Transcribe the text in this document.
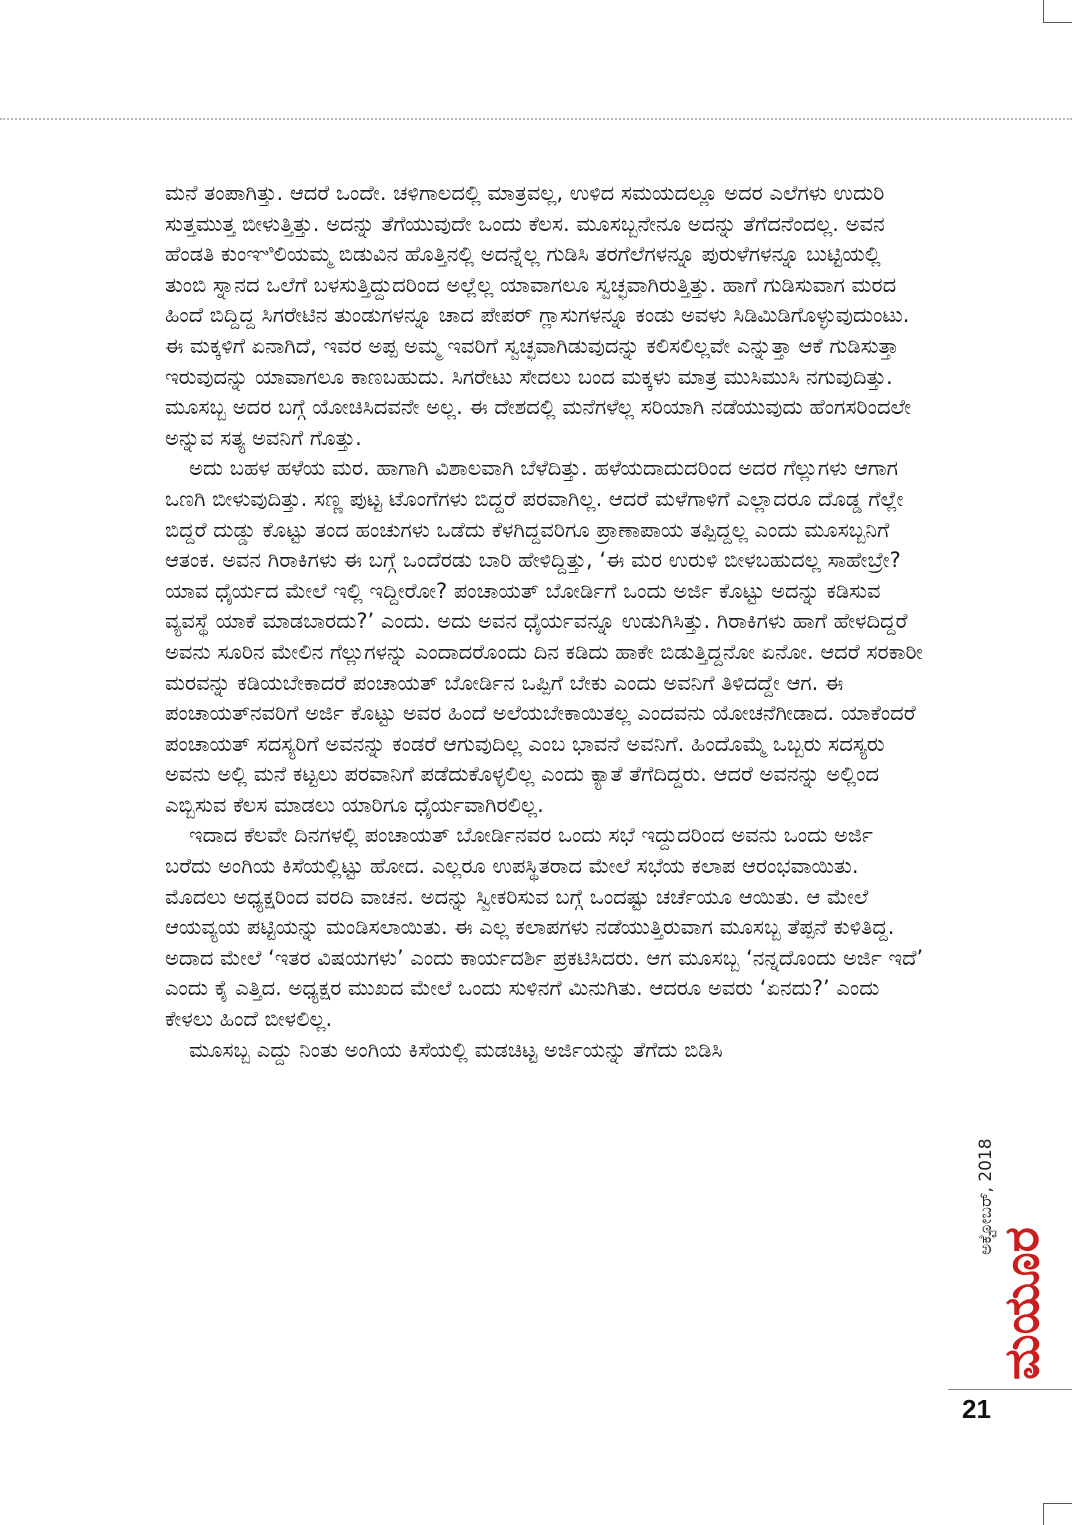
ಮನೆ ತಂಪಾಗಿತ್ತು. ಆದರೆ ಒಂದೇ. ಚಳಿಗಾಲದಲ್ಲಿ ಮಾತ್ರವಲ್ಲ, ಉಳಿದ ಸಮಯದಲ್ಲೂ ಅದರ ಎಲೆಗಳು ಉದುರಿ ಸುತ್ತಮುತ್ತ ಬೀಳುತ್ತಿತ್ತು. ಅದನ್ನು ತೆಗೆಯುವುದೇ ಒಂದು ಕೆಲಸ. ಮೂಸಬ್ಬನೇನೂ ಅದನ್ನು ತೆಗೆದನೆಂದಲ್ಲ. ಅವನ ಹೆಂಡತಿ ಕುಂಞಿಲಿಯಮ್ಮ ಬಿಡುವಿನ ಹೊತ್ತಿನಲ್ಲಿ ಅದನ್ನೆಲ್ಲ ಗುಡಿಸಿ ತರಗೆಲೆಗಳನ್ನೂ ಪುರುಳೆಗಳನ್ನೂ ಬುಟ್ಟಿಯಲ್ಲಿ ತುಂಬಿ ಸ್ನಾನದ ಒಲೆಗೆ ಬಳಸುತ್ತಿದ್ದುದರಿಂದ ಅಲ್ಲೆಲ್ಲ ಯಾವಾಗಲೂ ಸ್ವಚ್ಛವಾಗಿರುತ್ತಿತ್ತು. ಹಾಗೆ ಗುಡಿಸುವಾಗ ಮರದ ಹಿಂದೆ ಬಿದ್ದಿದ್ದ ಸಿಗರೇಟಿನ ತುಂಡುಗಳನ್ನೂ ಚಾದ ಪೇಪರ್ ಗ್ಲಾಸುಗಳನ್ನೂ ಕಂಡು ಅವಳು ಸಿಡಿಮಿಡಿಗೊಳ್ಳುವುದುಂಟು. ಈ ಮಕ್ಕಳಿಗೆ ಏನಾಗಿದೆ, ಇವರ ಅಪ್ಪ ಅಮ್ಮ ಇವರಿಗೆ ಸ್ವಚ್ಛವಾಗಿಡುವುದನ್ನು ಕಲಿಸಲಿಲ್ಲವೇ ಎನ್ನುತ್ತಾ ಆಕೆ ಗುಡಿಸುತ್ತಾ ಇರುವುದನ್ನು ಯಾವಾಗಲೂ ಕಾಣಬಹುದು. ಸಿಗರೇಟು ಸೇದಲು ಬಂದ ಮಕ್ಕಳು ಮಾತ್ರ ಮುಸಿಮುಸಿ ನಗುವುದಿತ್ತು. ಮೂಸಬ್ಬ ಅದರ ಬಗ್ಗೆ ಯೋಚಿಸಿದವನೇ ಅಲ್ಲ. ಈ ದೇಶದಲ್ಲಿ ಮನೆಗಳೆಲ್ಲ ಸರಿಯಾಗಿ ನಡೆಯುವುದು ಹೆಂಗಸರಿಂದಲೇ ಅನ್ನುವ ಸತ್ಯ ಅವನಿಗೆ ಗೊತ್ತು.

ಅದು ಬಹಳ ಹಳೆಯ ಮರ. ಹಾಗಾಗಿ ವಿಶಾಲವಾಗಿ ಬೆಳೆದಿತ್ತು. ಹಳೆಯದಾದುದರಿಂದ ಅದರ ಗೆಲ್ಲುಗಳು ಆಗಾಗ ಒಣಗಿ ಬೀಳುವುದಿತ್ತು. ಸಣ್ಣ ಪುಟ್ಟ ಟೊಂಗೆಗಳು ಬಿದ್ದರೆ ಪರವಾಗಿಲ್ಲ. ಆದರೆ ಮಳೆಗಾಳಿಗೆ ಎಲ್ಲಾದರೂ ದೊಡ್ಡ ಗೆಲ್ಲೇ ಬಿದ್ದರೆ ದುಡ್ಡು ಕೊಟ್ಟು ತಂದ ಹಂಚುಗಳು ಒಡೆದು ಕೆಳಗಿದ್ದವರಿಗೂ ಪ್ರಾಣಾಪಾಯ ತಪ್ಪಿದ್ದಲ್ಲ ಎಂದು ಮೂಸಬ್ಬನಿಗೆ ಆತಂಕ. ಅವನ ಗಿರಾಕಿಗಳು ಈ ಬಗ್ಗೆ ಒಂದೆರಡು ಬಾರಿ ಹೇಳಿದ್ದಿತ್ತು, ‘ಈ ಮರ ಉರುಳಿ ಬೀಳಬಹುದಲ್ಲ ಸಾಹೇಬ್ರೇ? ಯಾವ ಧೈರ್ಯದ ಮೇಲೆ ಇಲ್ಲಿ ಇದ್ದೀರೋ? ಪಂಚಾಯತ್ ಬೋರ್ಡಿಗೆ ಒಂದು ಅರ್ಜಿ ಕೊಟ್ಟು ಅದನ್ನು ಕಡಿಸುವ ವ್ಯವಸ್ಥೆ ಯಾಕೆ ಮಾಡಬಾರದು?’ ಎಂದು. ಅದು ಅವನ ಧೈರ್ಯವನ್ನೂ ಉಡುಗಿಸಿತ್ತು. ಗಿರಾಕಿಗಳು ಹಾಗೆ ಹೇಳದಿದ್ದರೆ ಅವನು ಸೂರಿನ ಮೇಲಿನ ಗೆಲ್ಲುಗಳನ್ನು ಎಂದಾದರೊಂದು ದಿನ ಕಡಿದು ಹಾಕೇ ಬಿಡುತ್ತಿದ್ದನೋ ಏನೋ. ಆದರೆ ಸರಕಾರೀ ಮರವನ್ನು ಕಡಿಯಬೇಕಾದರೆ ಪಂಚಾಯತ್ ಬೋರ್ಡಿನ ಒಪ್ಪಿಗೆ ಬೇಕು ಎಂದು ಅವನಿಗೆ ತಿಳಿದದ್ದೇ ಆಗ. ಈ ಪಂಚಾಯತ್‌ನವರಿಗೆ ಅರ್ಜಿ ಕೊಟ್ಟು ಅವರ ಹಿಂದೆ ಅಲೆಯಬೇಕಾಯಿತಲ್ಲ ಎಂದವನು ಯೋಚನೆಗೀಡಾದ. ಯಾಕೆಂದರೆ ಪಂಚಾಯತ್ ಸದಸ್ಯರಿಗೆ ಅವನನ್ನು ಕಂಡರೆ ಆಗುವುದಿಲ್ಲ ಎಂಬ ಭಾವನೆ ಅವನಿಗೆ. ಹಿಂದೊಮ್ಮೆ ಒಬ್ಬರು ಸದಸ್ಯರು ಅವನು ಅಲ್ಲಿ ಮನೆ ಕಟ್ಟಲು ಪರವಾನಿಗೆ ಪಡೆದುಕೊಳ್ಳಲಿಲ್ಲ ಎಂದು ಕ್ಯಾತೆ ತೆಗೆದಿದ್ದರು. ಆದರೆ ಅವನನ್ನು ಅಲ್ಲಿಂದ ಎಬ್ಬಿಸುವ ಕೆಲಸ ಮಾಡಲು ಯಾರಿಗೂ ಧೈರ್ಯವಾಗಿರಲಿಲ್ಲ.

ಇದಾದ ಕೆಲವೇ ದಿನಗಳಲ್ಲಿ ಪಂಚಾಯತ್ ಬೋರ್ಡಿನವರ ಒಂದು ಸಭೆ ಇದ್ದುದರಿಂದ ಅವನು ಒಂದು ಅರ್ಜಿ ಬರೆದು ಅಂಗಿಯ ಕಿಸೆಯಲ್ಲಿಟ್ಟು ಹೋದ. ಎಲ್ಲರೂ ಉಪಸ್ಥಿತರಾದ ಮೇಲೆ ಸಭೆಯ ಕಲಾಪ ಆರಂಭವಾಯಿತು. ಮೊದಲು ಅಧ್ಯಕ್ಷರಿಂದ ವರದಿ ವಾಚನ. ಅದನ್ನು ಸ್ವೀಕರಿಸುವ ಬಗ್ಗೆ ಒಂದಷ್ಟು ಚರ್ಚೆಯೂ ಆಯಿತು. ಆ ಮೇಲೆ ಆಯವ್ಯಯ ಪಟ್ಟಿಯನ್ನು ಮಂಡಿಸಲಾಯಿತು. ಈ ಎಲ್ಲ ಕಲಾಪಗಳು ನಡೆಯುತ್ತಿರುವಾಗ ಮೂಸಬ್ಬ ತೆಪ್ಪನೆ ಕುಳಿತಿದ್ದ. ಅದಾದ ಮೇಲೆ ‘ಇತರ ವಿಷಯಗಳು’ ಎಂದು ಕಾರ್ಯದರ್ಶಿ ಪ್ರಕಟಿಸಿದರು. ಆಗ ಮೂಸಬ್ಬ ‘ನನ್ನದೊಂದು ಅರ್ಜಿ ಇದೆ’ ಎಂದು ಕೈ ಎತ್ತಿದ. ಅಧ್ಯಕ್ಷರ ಮುಖದ ಮೇಲೆ ಒಂದು ಸುಳಿನಗೆ ಮಿನುಗಿತು. ಆದರೂ ಅವರು ‘ಏನದು?’ ಎಂದು ಕೇಳಲು ಹಿಂದೆ ಬೀಳಲಿಲ್ಲ.

ಮೂಸಬ್ಬ ಎದ್ದು ನಿಂತು ಅಂಗಿಯ ಕಿಸೆಯಲ್ಲಿ ಮಡಚಿಟ್ಟ ಅರ್ಜಿಯನ್ನು ತೆಗೆದು ಬಿಡಿಸಿ

ಅಕ್ಟೋಬರ್, 2018
ಮಯೂರ
21
